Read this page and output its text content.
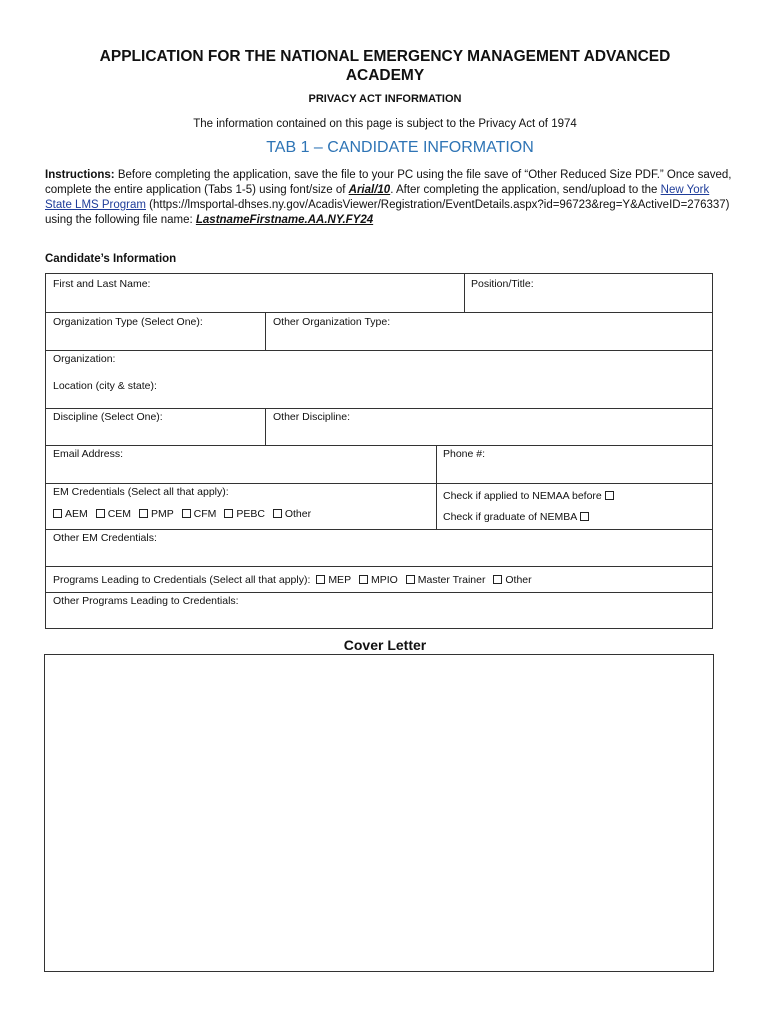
APPLICATION FOR THE NATIONAL EMERGENCY MANAGEMENT ADVANCED ACADEMY
PRIVACY ACT INFORMATION
The information contained on this page is subject to the Privacy Act of 1974
TAB 1 – CANDIDATE INFORMATION
Instructions: Before completing the application, save the file to your PC using the file save of “Other Reduced Size PDF.” Once saved, complete the entire application (Tabs 1-5) using font/size of Arial/10. After completing the application, send/upload to the New York State LMS Program (https://lmsportal-dhses.ny.gov/AcadisViewer/Registration/EventDetails.aspx?id=96723&reg=Y&ActiveID=276337) using the following file name: LastnameFirstname.AA.NY.FY24
Candidate’s Information
First and Last Name:	Position/Title:
Organization Type (Select One):	Other Organization Type:
Organization:
Location (city & state):
Discipline (Select One):	Other Discipline:
Email Address:	Phone #:
EM Credentials (Select all that apply):
AEM CEM PMP CFM PEBC Other
Check if applied to NEMAA before
Check if graduate of NEMBA
Other EM Credentials:
Programs Leading to Credentials (Select all that apply): MEP MPIO Master Trainer Other
Other Programs Leading to Credentials:
Cover Letter
